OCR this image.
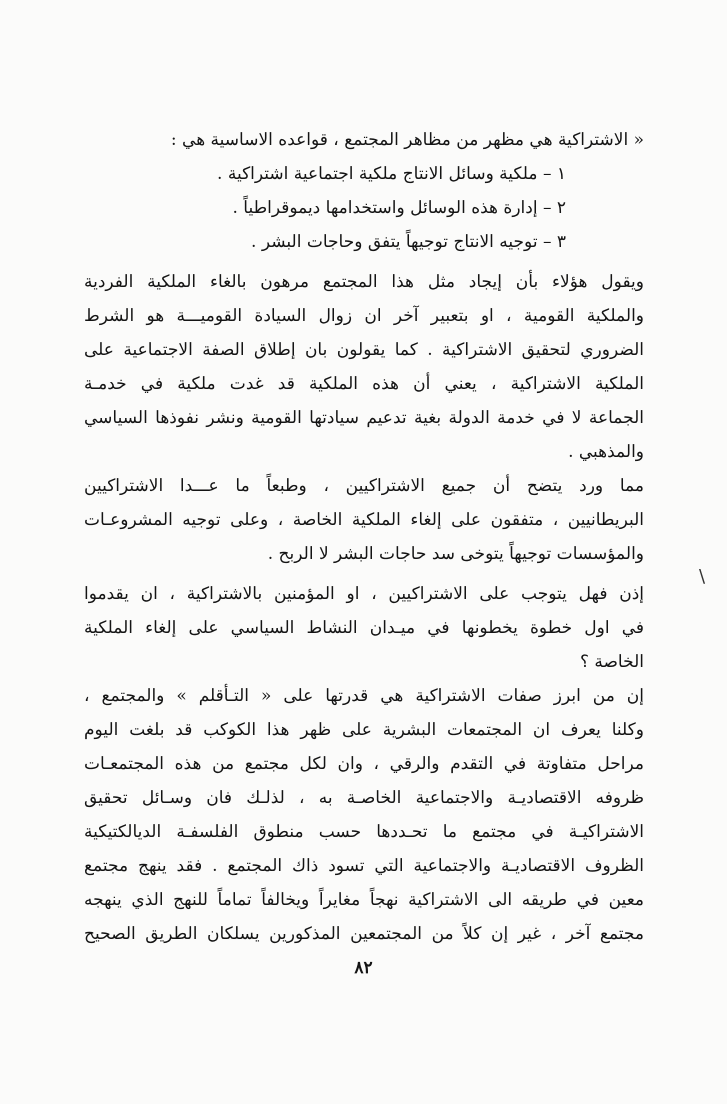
« الاشتراكية هي مظهر من مظاهر المجتمع ، قواعده الاساسية هي :
١ – ملكية وسائل الانتاج ملكية اجتماعية اشتراكية .
٢ – إدارة هذه الوسائل واستخدامها ديموقراطياً .
٣ – توجيه الانتاج توجيهاً يتفق وحاجات البشر .
ويقول هؤلاء بأن إيجاد مثل هذا المجتمع مرهون بالغاء الملكية الفردية
والملكية القومية ، او بتعبير آخر ان زوال السيادة القوميـــة هو الشرط
الضروري لتحقيق الاشتراكية . كما يقولون بان إطلاق الصفة الاجتماعية على
الملكية الاشتراكية ، يعني أن هذه الملكية قد غدت ملكية في خدمـة
الجماعة لا في خدمة الدولة بغية تدعيم سيادتها القومية ونشر نفوذها السياسي
والمذهبي .
مما ورد يتضح أن جميع الاشتراكيين ، وطبعاً ما عـــدا الاشتراكيين
البريطانيين ، متفقون على إلغاء الملكية الخاصة ، وعلى توجيه المشروعـات
والمؤسسات توجيهاً يتوخى سد حاجات البشر لا الربح .
إذن فهل يتوجب على الاشتراكيين ، او المؤمنين بالاشتراكية ، ان يقدموا
في اول خطوة يخطونها في ميـدان النشاط السياسي على إلغاء الملكية
الخاصة ؟
إن من ابرز صفات الاشتراكية هي قدرتها على « التـأقلم » والمجتمع ،
وكلنا يعرف ان المجتمعات البشرية على ظهر هذا الكوكب قد بلغت اليوم
مراحل متفاوتة في التقدم والرقي ، وان لكل مجتمع من هذه المجتمعـات
ظروفه الاقتصاديـة والاجتماعية الخاصـة به ، لذلـك فان وسـائل تحقيق
الاشتراكيـة في مجتمع ما تحـددها حسب منطوق الفلسفـة الديالكتيكية
الظروف الاقتصاديـة والاجتماعية التي تسود ذاك المجتمع . فقد ينهج مجتمع
معين في طريقه الى الاشتراكية نهجاً مغايراً ويخالفاً تماماً للنهج الذي ينهجه
مجتمع آخر ، غير إن كلاً من المجتمعين المذكورين يسلكان الطريق الصحيح
٨٢
\
